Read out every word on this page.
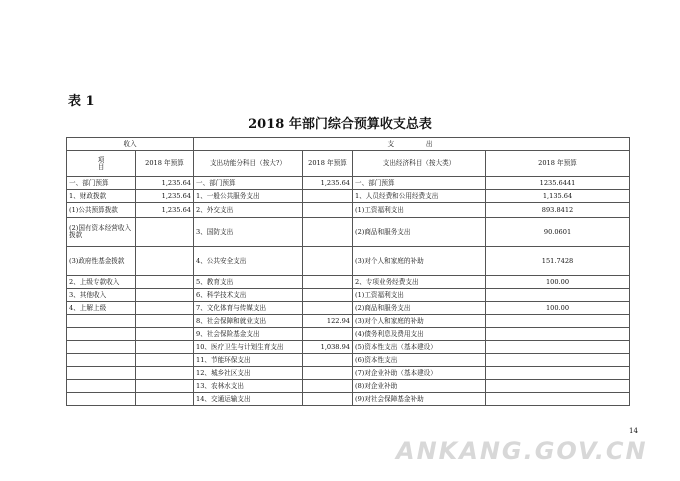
表 1
2018 年部门综合预算收支总表
收入		支　　　出			
项
目	2018 年预算	支出功能分科目（按大?）	2018 年预算	支出经济科目（按大类）	2018 年预算
一、部门预算	1,235.64	一、部门预算	1,235.64	一、部门预算	1235.6441
1、财政拨款	1,235.64	1、一般公共服务支出		1、人员经费和公用经费支出	1,135.64
(1)公共预算拨款	1,235.64	2、外交支出		(1)工资福利支出	893.8412
(2)国有资本经营收入拨款		3、国防支出		(2)商品和服务支出	90.0601
(3)政府性基金拨款		4、公共安全支出		(3)对个人和家庭的补助	151.7428
2、上级专款收入		5、教育支出		2、专项业务经费支出	100.00
3、其他收入		6、科学技术支出		(1)工资福利支出	
4、上解上级		7、文化体育与传媒支出		(2)商品和服务支出	100.00
		8、社会保障和就业支出	122.94	(3)对个人和家庭的补助	
		9、社会保险基金支出		(4)债务利息及费用支出	
		10、医疗卫生与计划生育支出	1,038.94	(5)资本性支出（基本建设）	
		11、节能环保支出		(6)资本性支出	
		12、城乡社区支出		(7)对企业补助（基本建设）	
		13、农林水支出		(8)对企业补助	
		14、交通运输支出		(9)对社会保障基金补助	
14
ANKANG.GOV.CN
